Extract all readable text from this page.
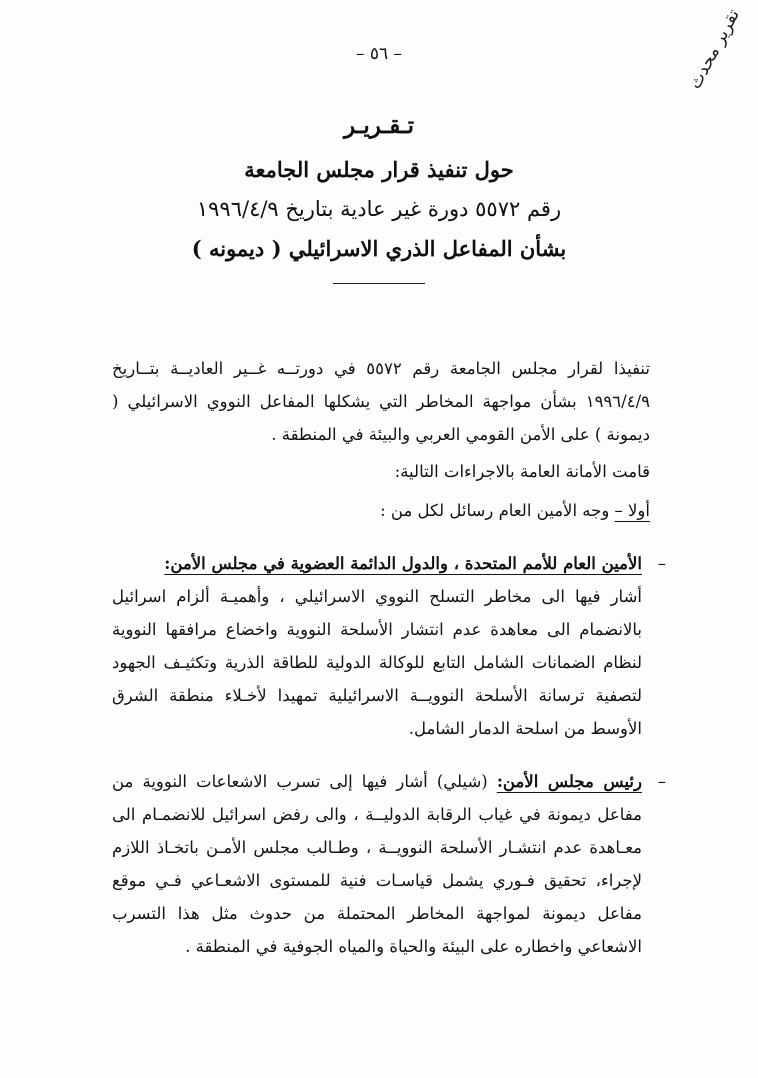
تقرير محدث
– ٥٦ –
تـقـريـر
حول تنفيذ قرار مجلس الجامعة
رقم ٥٥٧٢ دورة غير عادية بتاريخ ١٩٩٦/٤/٩
بشأن المفاعل الذري الاسرائيلي ( ديمونه )

تنفيذا لقرار مجلس الجامعة رقم ٥٥٧٢ في دورتــه غــير العاديــة بتــاريخ ١٩٩٦/٤/٩ بشأن مواجهة المخاطر التي يشكلها المفاعل النووي الاسرائيلي ( ديمونة ) على الأمن القومي العربي والبيئة في المنطقة .

قامت الأمانة العامة بالاجراءات التالية:

أولا – وجه الأمين العام رسائل لكل من :

–
الأمين العام للأمم المتحدة ، والدول الدائمة العضوية في مجلس الأمن:
أشار فيها الى مخاطر التسلح النووي الاسرائيلي ، وأهميـة ألزام اسرائيل بالانضمام الى معاهدة عدم انتشار الأسلحة النووية واخضاع مرافقها النووية لنظام الضمانات الشامل التابع للوكالة الدولية للطاقة الذرية وتكثيـف الجهود لتصفية ترسانة الأسلحة النوويــة الاسرائيلية تمهيدا لأخـلاء منطقة الشرق الأوسط من اسلحة الدمار الشامل.
–
رئيس مجلس الأمن: (شيلي) أشار فيها إلى تسرب الاشعاعات النووية من مفاعل ديمونة في غياب الرقابة الدوليــة ، والى رفض اسرائيل للانضمـام الى معـاهدة عدم انتشـار الأسلحة النوويــة ، وطـالب مجلس الأمـن باتخـاذ اللازم لإجراء، تحقيق فـوري يشمل قياسـات فنية للمستوى الاشعـاعي فـي موقع مفاعل ديمونة لمواجهة المخاطر المحتملة من حدوث مثل هذا التسرب الاشعاعي واخطاره على البيئة والحياة والمياه الجوفية في المنطقة .
